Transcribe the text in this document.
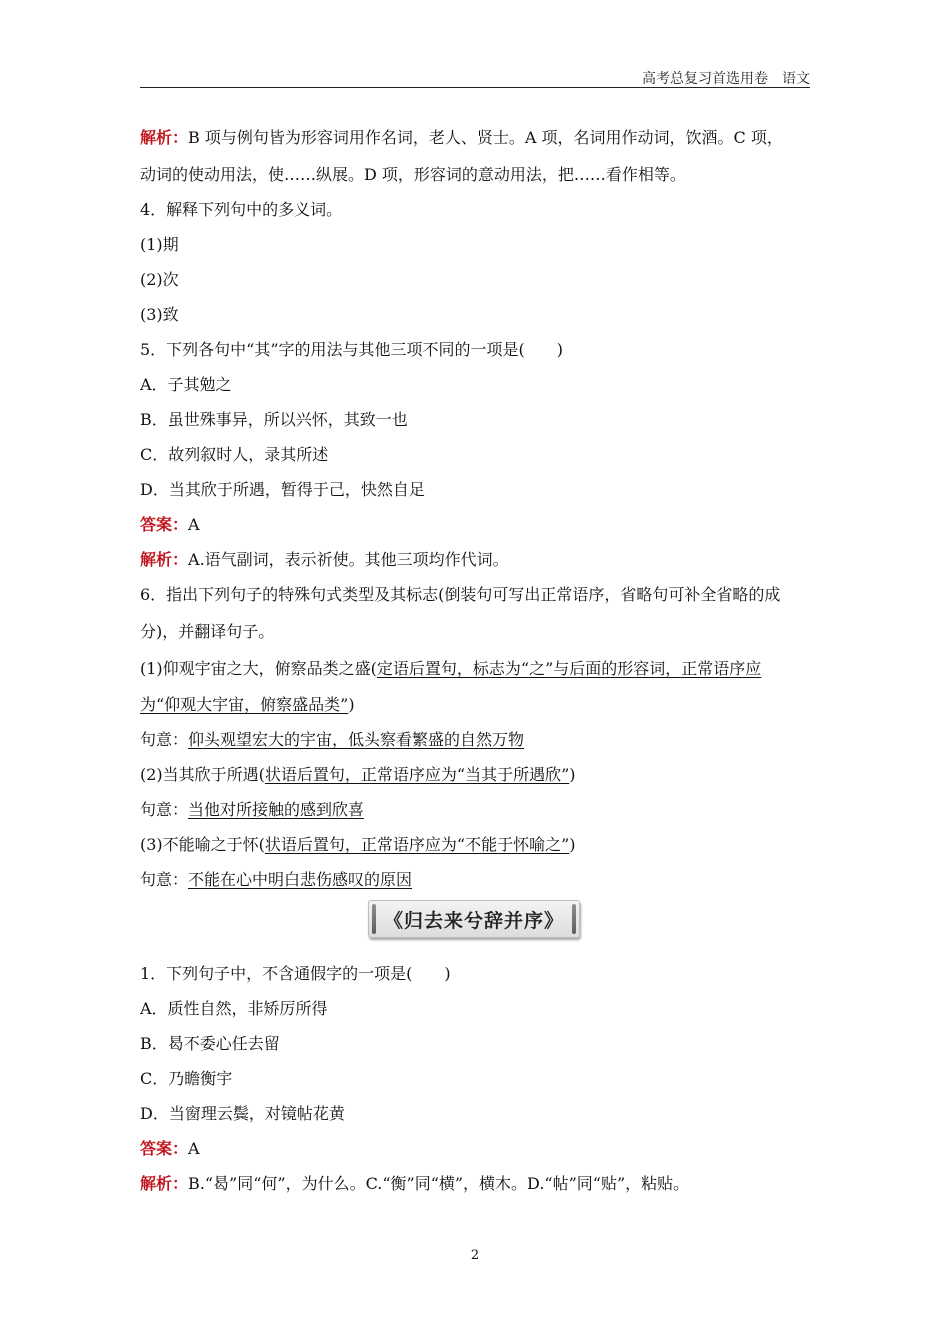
高考总复习首选用卷　语文
解析：B 项与例句皆为形容词用作名词，老人、贤士。A 项，名词用作动词，饮酒。C 项，
动词的使动用法，使……纵展。D 项，形容词的意动用法，把……看作相等。
4．解释下列句中的多义词。
(1)期
(2)次
(3)致
5．下列各句中“其”字的用法与其他三项不同的一项是(　　)
A．子其勉之
B．虽世殊事异，所以兴怀，其致一也
C．故列叙时人，录其所述
D．当其欣于所遇，暂得于己，快然自足
答案：A
解析：A.语气副词，表示祈使。其他三项均作代词。
6．指出下列句子的特殊句式类型及其标志(倒装句可写出正常语序，省略句可补全省略的成
分)，并翻译句子。
(1)仰观宇宙之大，俯察品类之盛(定语后置句，标志为“之”与后面的形容词，正常语序应
为“仰观大宇宙，俯察盛品类”)
句意：仰头观望宏大的宇宙，低头察看繁盛的自然万物
(2)当其欣于所遇(状语后置句，正常语序应为“当其于所遇欣”)
句意：当他对所接触的感到欣喜
(3)不能喻之于怀(状语后置句，正常语序应为“不能于怀喻之”)
句意：不能在心中明白悲伤感叹的原因
《归去来兮辞并序》
1．下列句子中，不含通假字的一项是(　　)
A．质性自然，非矫厉所得
B．曷不委心任去留
C．乃瞻衡宇
D．当窗理云鬓，对镜帖花黄
答案：A
解析：B.“曷”同“何”，为什么。C.“衡”同“横”，横木。D.“帖”同“贴”，粘贴。
2
